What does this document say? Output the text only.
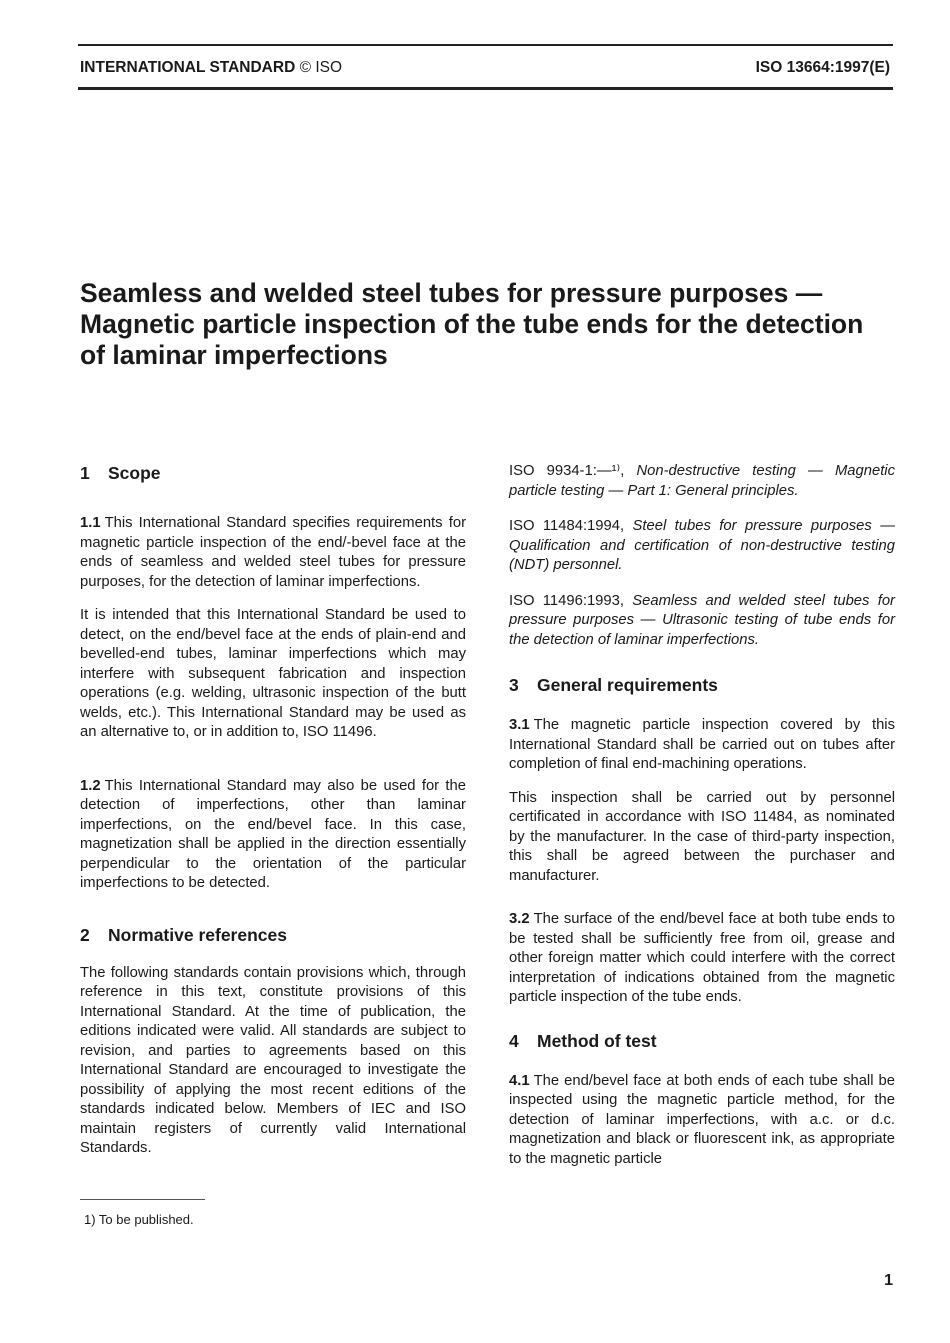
INTERNATIONAL STANDARD © ISO	ISO 13664:1997(E)
Seamless and welded steel tubes for pressure purposes — Magnetic particle inspection of the tube ends for the detection of laminar imperfections
1 Scope

1.1 This International Standard specifies requirements for magnetic particle inspection of the end/-bevel face at the ends of seamless and welded steel tubes for pressure purposes, for the detection of laminar imperfections.

It is intended that this International Standard be used to detect, on the end/bevel face at the ends of plain-end and bevelled-end tubes, laminar imperfections which may interfere with subsequent fabrication and inspection operations (e.g. welding, ultrasonic inspection of the butt welds, etc.). This International Standard may be used as an alternative to, or in addition to, ISO 11496.

1.2 This International Standard may also be used for the detection of imperfections, other than laminar imperfections, on the end/bevel face. In this case, magnetization shall be applied in the direction essentially perpendicular to the orientation of the particular imperfections to be detected.

2 Normative references

The following standards contain provisions which, through reference in this text, constitute provisions of this International Standard. At the time of publication, the editions indicated were valid. All standards are subject to revision, and parties to agreements based on this International Standard are encouraged to investigate the possibility of applying the most recent editions of the standards indicated below. Members of IEC and ISO maintain registers of currently valid International Standards.

ISO 9934-1:—¹⁾, Non-destructive testing — Magnetic particle testing — Part 1: General principles.

ISO 11484:1994, Steel tubes for pressure purposes — Qualification and certification of non-destructive testing (NDT) personnel.

ISO 11496:1993, Seamless and welded steel tubes for pressure purposes — Ultrasonic testing of tube ends for the detection of laminar imperfections.

3 General requirements

3.1 The magnetic particle inspection covered by this International Standard shall be carried out on tubes after completion of final end-machining operations.

This inspection shall be carried out by personnel certificated in accordance with ISO 11484, as nominated by the manufacturer. In the case of third-party inspection, this shall be agreed between the purchaser and manufacturer.

3.2 The surface of the end/bevel face at both tube ends to be tested shall be sufficiently free from oil, grease and other foreign matter which could interfere with the correct interpretation of indications obtained from the magnetic particle inspection of the tube ends.

4 Method of test

4.1 The end/bevel face at both ends of each tube shall be inspected using the magnetic particle method, for the detection of laminar imperfections, with a.c. or d.c. magnetization and black or fluorescent ink, as appropriate to the magnetic particle

1) To be published.
1
